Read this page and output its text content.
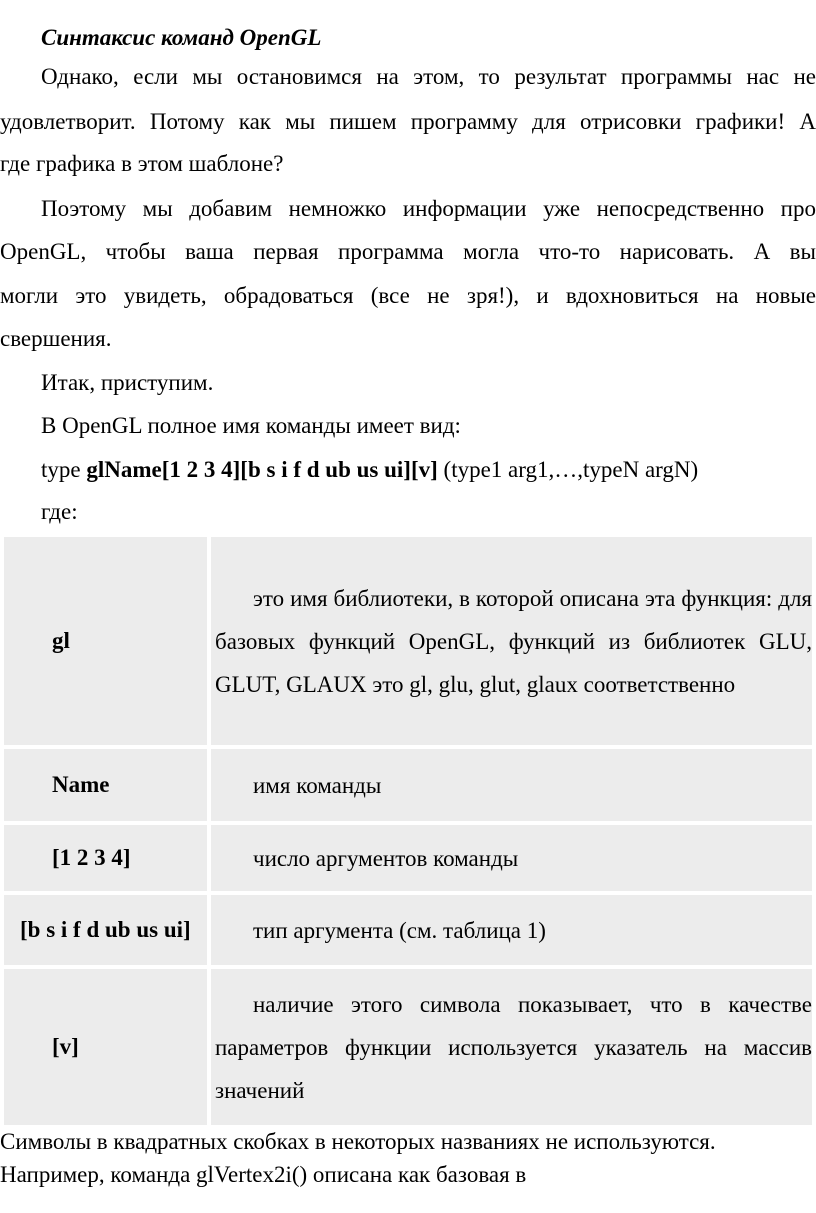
Синтаксис команд OpenGL
Однако, если мы остановимся на этом, то результат программы нас не
удовлетворит. Потому как мы пишем программу для отрисовки графики! А
где графика в этом шаблоне?
Поэтому мы добавим немножко информации уже непосредственно про
OpenGL, чтобы ваша первая программа могла что-то нарисовать. А вы
могли это увидеть, обрадоваться (все не зря!), и вдохновиться на новые
свершения.
Итак, приступим.
В OpenGL полное имя команды имеет вид:
type glName[1 2 3 4][b s i f d ub us ui][v] (type1 arg1,…,typeN argN)
где:
gl	это имя библиотеки, в которой описана эта функция: для базовых функций OpenGL, функций из библиотек GLU, GLUT, GLAUX это gl, glu, glut, glaux соответственно

Name	имя команды

[1 2 3 4]	число аргументов команды

[b s i f d ub us ui]	тип аргумента (см. таблица 1)

[v]	наличие этого символа показывает, что в качестве параметров функции используется указатель на массив значений
Символы в квадратных скобках в некоторых названиях не используются.
Например, команда glVertex2i() описана как базовая в
